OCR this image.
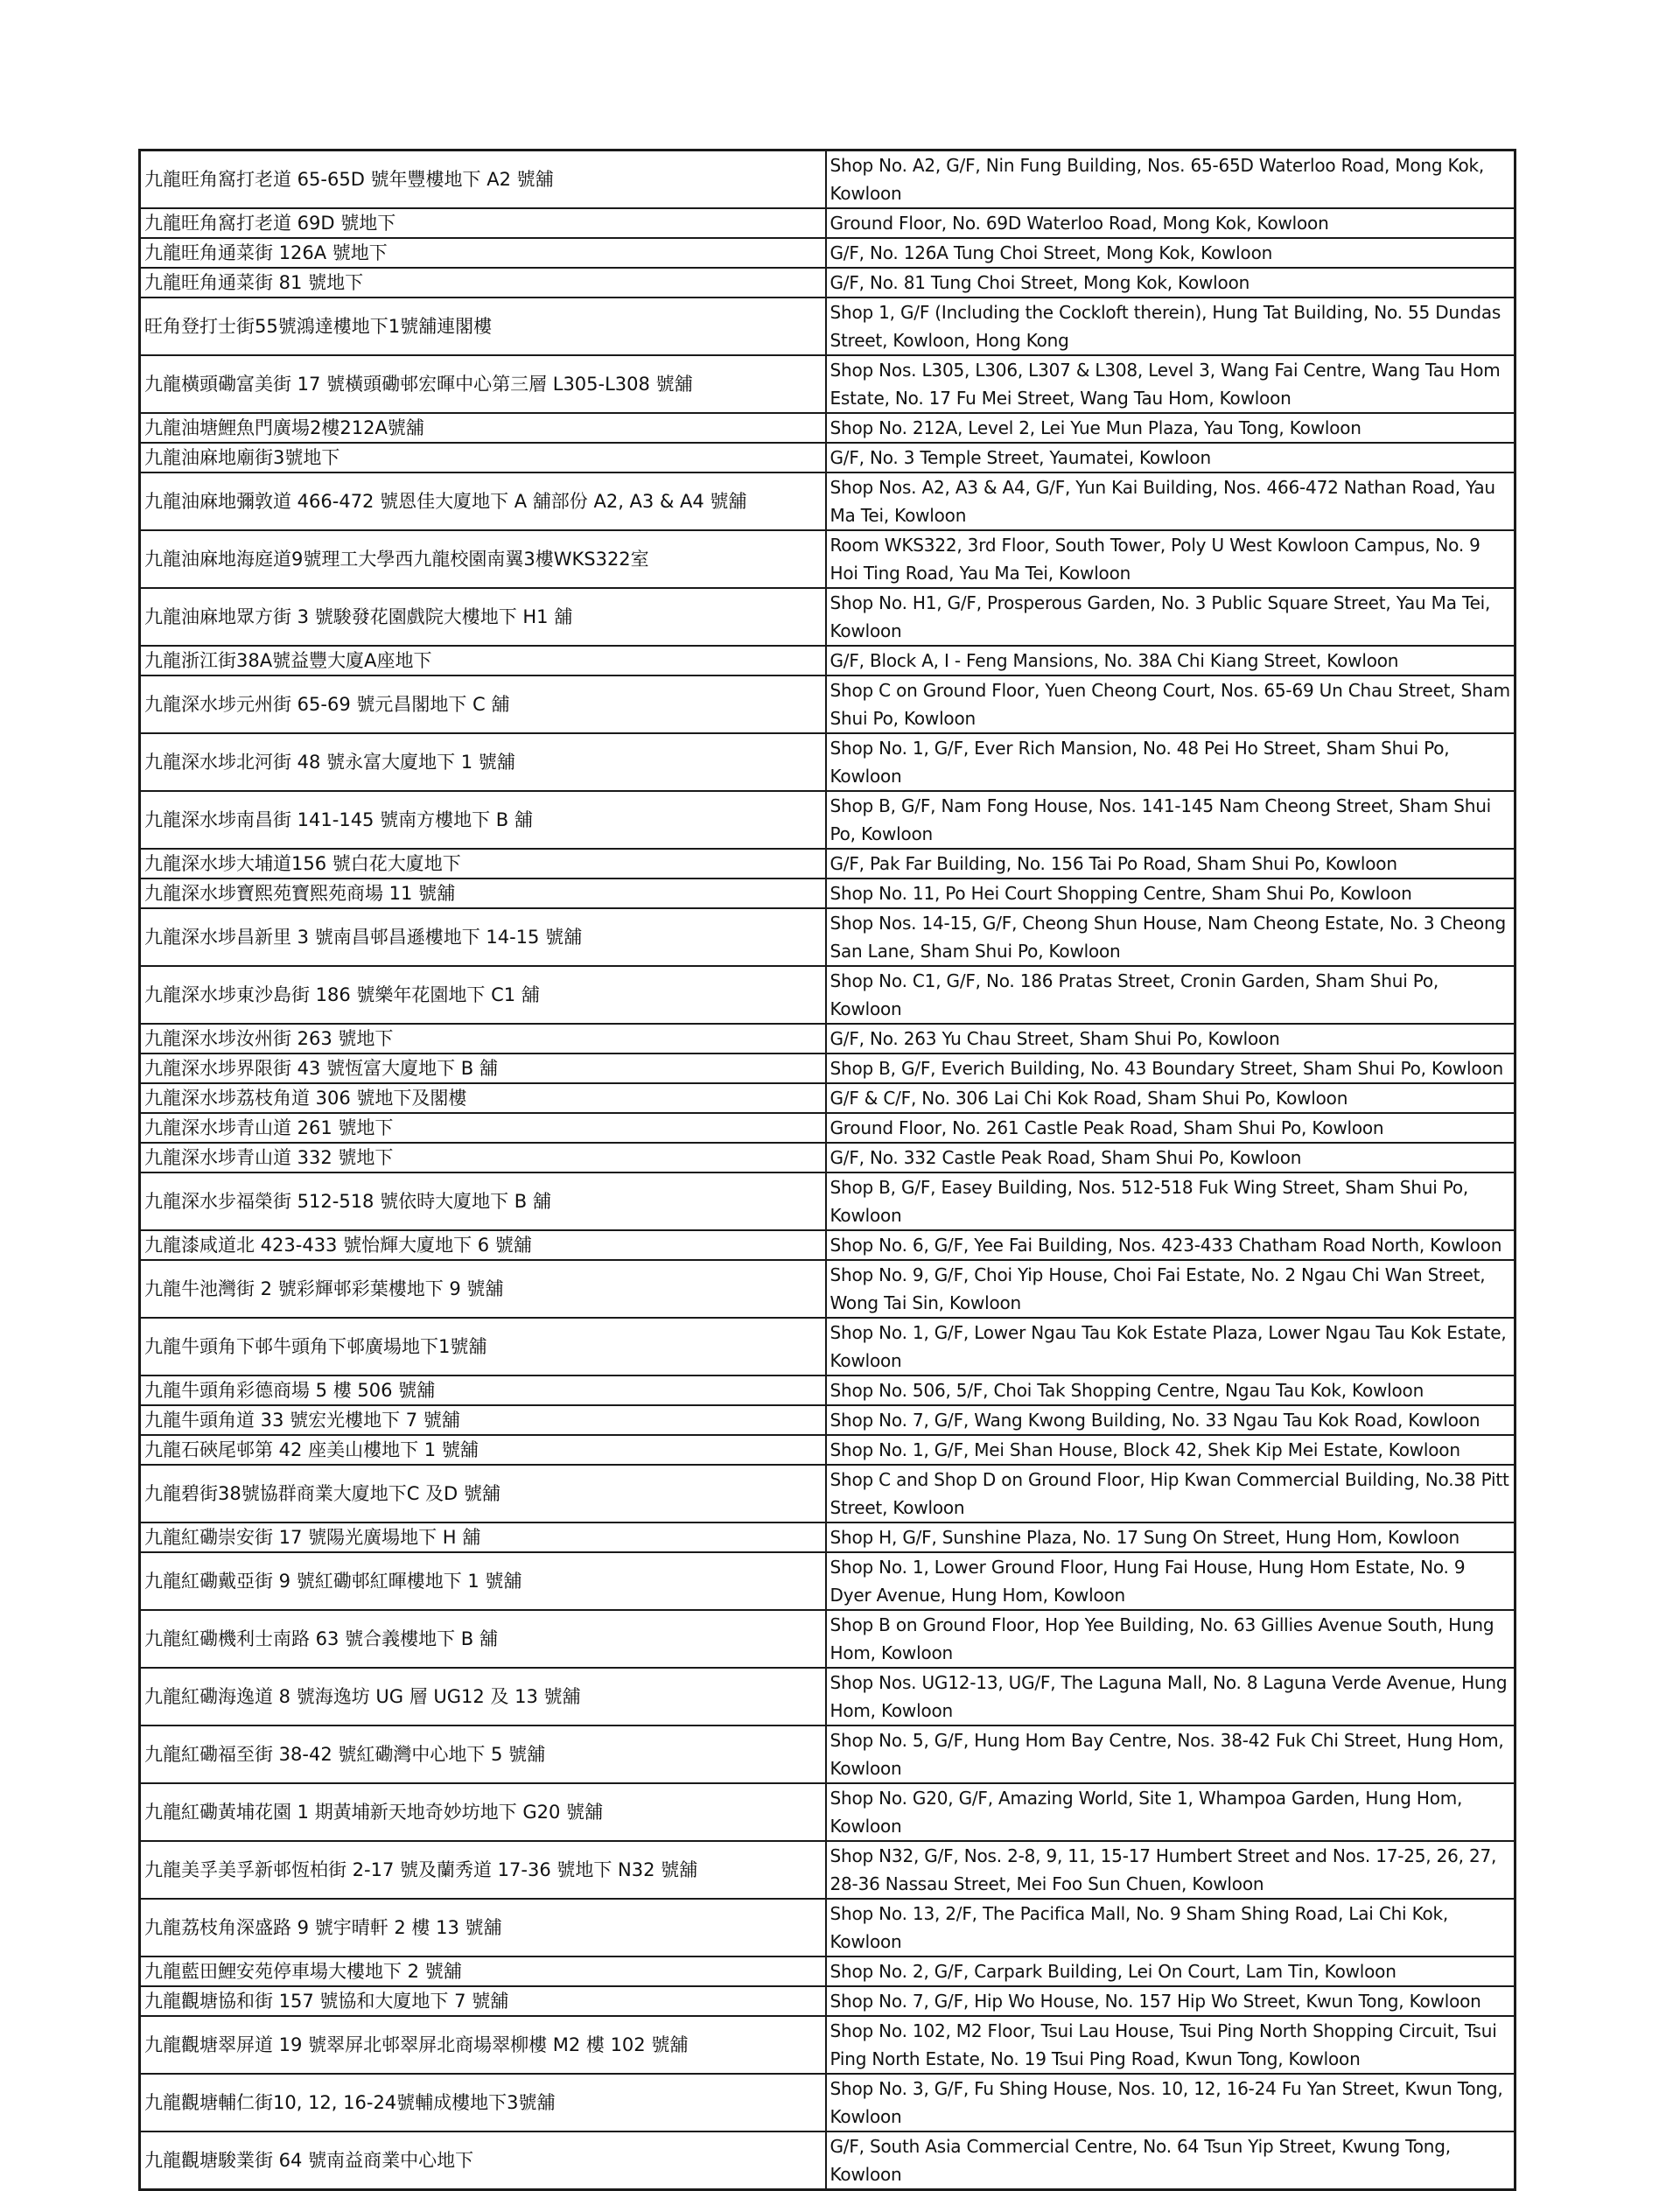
九龍旺角窩打老道 65-65D 號年豐樓地下 A2 號舖	Shop No. A2, G/F, Nin Fung Building, Nos. 65-65D Waterloo Road, Mong Kok, Kowloon
九龍旺角窩打老道 69D 號地下	Ground Floor, No. 69D Waterloo Road, Mong Kok, Kowloon
九龍旺角通菜街 126A 號地下	G/F, No. 126A Tung Choi Street, Mong Kok, Kowloon
九龍旺角通菜街 81 號地下	G/F, No. 81 Tung Choi Street, Mong Kok, Kowloon
旺角登打士街55號鴻達樓地下1號舖連閣樓	Shop 1, G/F (Including the Cockloft therein), Hung Tat Building, No. 55 Dundas Street, Kowloon, Hong Kong
九龍橫頭磡富美街 17 號橫頭磡邨宏暉中心第三層 L305-L308 號舖	Shop Nos. L305, L306, L307 & L308, Level 3, Wang Fai Centre, Wang Tau Hom Estate, No. 17 Fu Mei Street, Wang Tau Hom, Kowloon
九龍油塘鯉魚門廣場2樓212A號舖	Shop No. 212A, Level 2, Lei Yue Mun Plaza, Yau Tong, Kowloon
九龍油麻地廟街3號地下	G/F, No. 3 Temple Street, Yaumatei, Kowloon
九龍油麻地彌敦道 466-472 號恩佳大廈地下 A 舖部份 A2, A3 & A4 號舖	Shop Nos. A2, A3 & A4, G/F, Yun Kai Building, Nos. 466-472 Nathan Road, Yau Ma Tei, Kowloon
九龍油麻地海庭道9號理工大學西九龍校園南翼3樓WKS322室	Room WKS322, 3rd Floor, South Tower, Poly U West Kowloon Campus, No. 9 Hoi Ting Road, Yau Ma Tei, Kowloon
九龍油麻地眾方街 3 號駿發花園戲院大樓地下 H1 舖	Shop No. H1, G/F, Prosperous Garden, No. 3 Public Square Street, Yau Ma Tei, Kowloon
九龍浙江街38A號益豐大廈A座地下	G/F, Block A, I - Feng Mansions, No. 38A Chi Kiang Street, Kowloon
九龍深水埗元州街 65-69 號元昌閣地下 C 舖	Shop C on Ground Floor, Yuen Cheong Court, Nos. 65-69 Un Chau Street, Sham Shui Po, Kowloon
九龍深水埗北河街 48 號永富大廈地下 1 號舖	Shop No. 1, G/F, Ever Rich Mansion, No. 48 Pei Ho Street, Sham Shui Po, Kowloon
九龍深水埗南昌街 141-145 號南方樓地下 B 舖	Shop B, G/F, Nam Fong House, Nos. 141-145 Nam Cheong Street, Sham Shui Po, Kowloon
九龍深水埗大埔道156 號白花大廈地下	G/F, Pak Far Building, No. 156 Tai Po Road, Sham Shui Po, Kowloon
九龍深水埗寶熙苑寶熙苑商場 11 號舖	Shop No. 11, Po Hei Court Shopping Centre, Sham Shui Po, Kowloon
九龍深水埗昌新里 3 號南昌邨昌遜樓地下 14-15 號舖	Shop Nos. 14-15, G/F, Cheong Shun House, Nam Cheong Estate, No. 3 Cheong San Lane, Sham Shui Po, Kowloon
九龍深水埗東沙島街 186 號樂年花園地下 C1 舖	Shop No. C1, G/F, No. 186 Pratas Street, Cronin Garden, Sham Shui Po, Kowloon
九龍深水埗汝州街 263 號地下	G/F, No. 263 Yu Chau Street, Sham Shui Po, Kowloon
九龍深水埗界限街 43 號恆富大廈地下 B 舖	Shop B, G/F, Everich Building, No. 43 Boundary Street, Sham Shui Po, Kowloon
九龍深水埗荔枝角道 306 號地下及閣樓	G/F & C/F, No. 306 Lai Chi Kok Road, Sham Shui Po, Kowloon
九龍深水埗青山道 261 號地下	Ground Floor, No. 261 Castle Peak Road, Sham Shui Po, Kowloon
九龍深水埗青山道 332 號地下	G/F, No. 332 Castle Peak Road, Sham Shui Po, Kowloon
九龍深水步福榮街 512-518 號依時大廈地下 B 舖	Shop B, G/F, Easey Building, Nos. 512-518 Fuk Wing Street, Sham Shui Po, Kowloon
九龍漆咸道北 423-433 號怡輝大廈地下 6 號舖	Shop No. 6, G/F, Yee Fai Building, Nos. 423-433 Chatham Road North, Kowloon
九龍牛池灣街 2 號彩輝邨彩葉樓地下 9 號舖	Shop No. 9, G/F, Choi Yip House, Choi Fai Estate, No. 2 Ngau Chi Wan Street, Wong Tai Sin, Kowloon
九龍牛頭角下邨牛頭角下邨廣場地下1號舖	Shop No. 1, G/F, Lower Ngau Tau Kok Estate Plaza, Lower Ngau Tau Kok Estate, Kowloon
九龍牛頭角彩德商場 5 樓 506 號舖	Shop No. 506, 5/F, Choi Tak Shopping Centre, Ngau Tau Kok, Kowloon
九龍牛頭角道 33 號宏光樓地下 7 號舖	Shop No. 7, G/F, Wang Kwong Building, No. 33 Ngau Tau Kok Road, Kowloon
九龍石硤尾邨第 42 座美山樓地下 1 號舖	Shop No. 1, G/F, Mei Shan House, Block 42, Shek Kip Mei Estate, Kowloon
九龍碧街38號協群商業大廈地下C 及D 號舖	Shop C and Shop D on Ground Floor, Hip Kwan Commercial Building, No.38 Pitt Street, Kowloon
九龍紅磡崇安街 17 號陽光廣場地下 H 舖	Shop H, G/F, Sunshine Plaza, No. 17 Sung On Street, Hung Hom, Kowloon
九龍紅磡戴亞街 9 號紅磡邨紅暉樓地下 1 號舖	Shop No. 1, Lower Ground Floor, Hung Fai House, Hung Hom Estate, No. 9 Dyer Avenue, Hung Hom, Kowloon
九龍紅磡機利士南路 63 號合義樓地下 B 舖	Shop B on Ground Floor, Hop Yee Building, No. 63 Gillies Avenue South, Hung Hom, Kowloon
九龍紅磡海逸道 8 號海逸坊 UG 層 UG12 及 13 號舖	Shop Nos. UG12-13, UG/F, The Laguna Mall, No. 8 Laguna Verde Avenue, Hung Hom, Kowloon
九龍紅磡福至街 38-42 號紅磡灣中心地下 5 號舖	Shop No. 5, G/F, Hung Hom Bay Centre, Nos. 38-42 Fuk Chi Street, Hung Hom, Kowloon
九龍紅磡黃埔花園 1 期黃埔新天地奇妙坊地下 G20 號舖	Shop No. G20, G/F, Amazing World, Site 1, Whampoa Garden, Hung Hom, Kowloon
九龍美孚美孚新邨恆柏街 2-17 號及蘭秀道 17-36 號地下 N32 號舖	Shop N32, G/F, Nos. 2-8, 9, 11, 15-17 Humbert Street and Nos. 17-25, 26, 27, 28-36 Nassau Street, Mei Foo Sun Chuen, Kowloon
九龍荔枝角深盛路 9 號宇晴軒 2 樓 13 號舖	Shop No. 13, 2/F, The Pacifica Mall, No. 9 Sham Shing Road, Lai Chi Kok, Kowloon
九龍藍田鯉安苑停車場大樓地下 2 號舖	Shop No. 2, G/F, Carpark Building, Lei On Court, Lam Tin, Kowloon
九龍觀塘協和街 157 號協和大廈地下 7 號舖	Shop No. 7, G/F, Hip Wo House, No. 157 Hip Wo Street, Kwun Tong, Kowloon
九龍觀塘翠屏道 19 號翠屏北邨翠屏北商場翠柳樓 M2 樓 102 號舖	Shop No. 102, M2 Floor, Tsui Lau House, Tsui Ping North Shopping Circuit, Tsui Ping North Estate, No. 19 Tsui Ping Road, Kwun Tong, Kowloon
九龍觀塘輔仁街10, 12, 16-24號輔成樓地下3號舖	Shop No. 3, G/F, Fu Shing House, Nos. 10, 12, 16-24 Fu Yan Street, Kwun Tong, Kowloon
九龍觀塘駿業街 64 號南益商業中心地下	G/F, South Asia Commercial Centre, No. 64 Tsun Yip Street, Kwung Tong, Kowloon
